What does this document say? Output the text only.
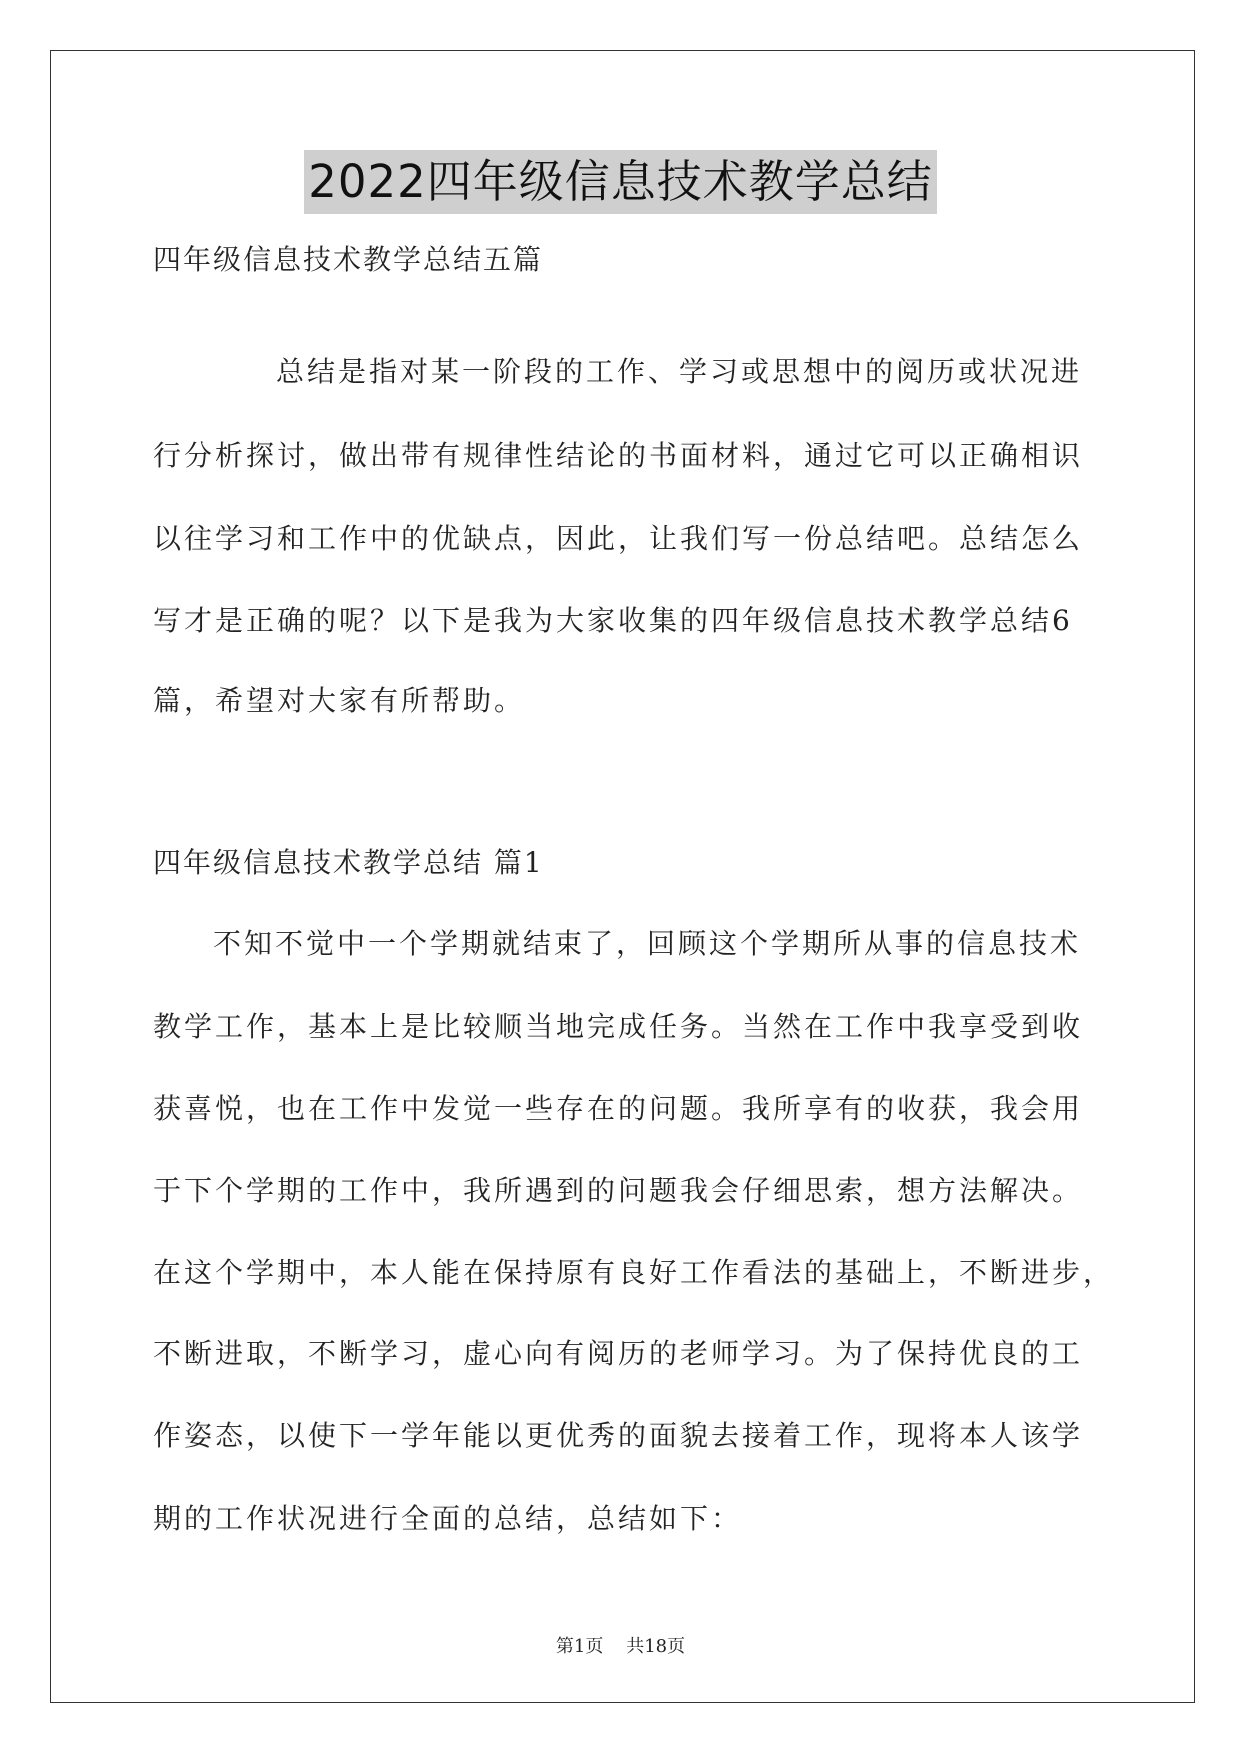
2022四年级信息技术教学总结
四年级信息技术教学总结五篇
总结是指对某一阶段的工作、学习或思想中的阅历或状况进
行分析探讨，做出带有规律性结论的书面材料，通过它可以正确相识
以往学习和工作中的优缺点，因此，让我们写一份总结吧。总结怎么
写才是正确的呢？以下是我为大家收集的四年级信息技术教学总结6
篇，希望对大家有所帮助。
四年级信息技术教学总结 篇1
不知不觉中一个学期就结束了，回顾这个学期所从事的信息技术
教学工作，基本上是比较顺当地完成任务。当然在工作中我享受到收
获喜悦，也在工作中发觉一些存在的问题。我所享有的收获，我会用
于下个学期的工作中，我所遇到的问题我会仔细思索，想方法解决。
在这个学期中，本人能在保持原有良好工作看法的基础上，不断进步，
不断进取，不断学习，虚心向有阅历的老师学习。为了保持优良的工
作姿态，以使下一学年能以更优秀的面貌去接着工作，现将本人该学
期的工作状况进行全面的总结，总结如下：
第1页 共18页
